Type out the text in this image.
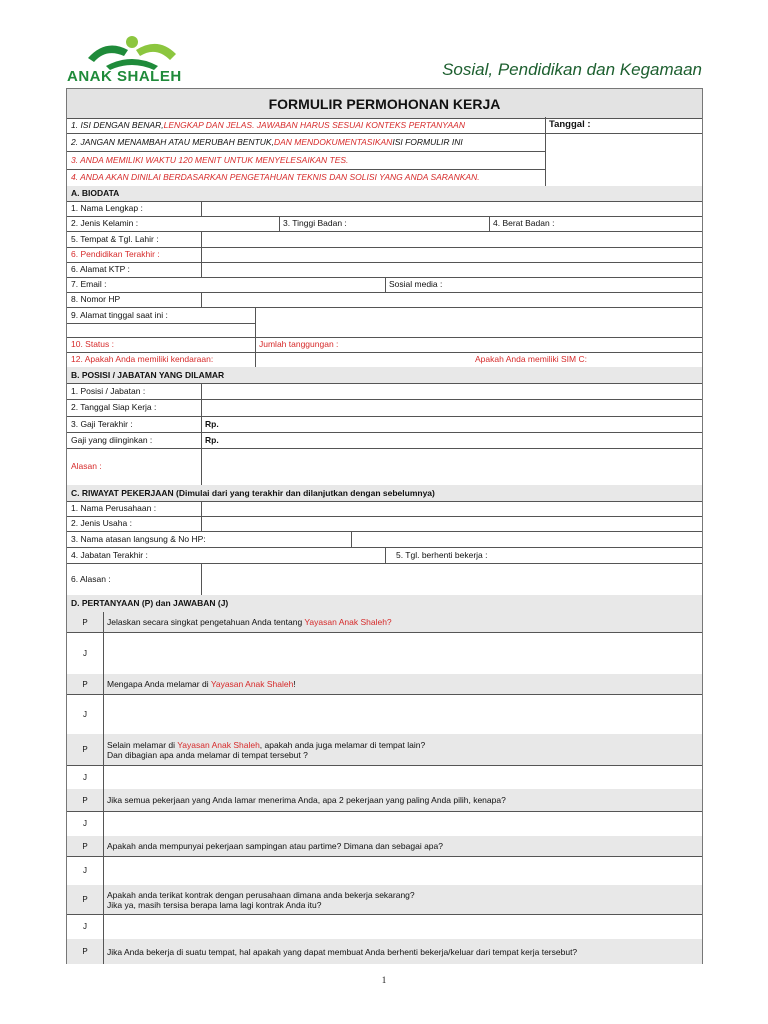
ANAK SHALEH	Sosial, Pendidikan dan Kegamaan
FORMULIR PERMOHONAN KERJA
1. ISI DENGAN BENAR, LENGKAP DAN JELAS. JAWABAN HARUS SESUAI KONTEKS PERTANYAAN
2. JANGAN MENAMBAH ATAU MERUBAH BENTUK, DAN MENDOKUMENTASIKAN ISI FORMULIR INI
3. ANDA MEMILIKI WAKTU 120 MENIT UNTUK MENYELESAIKAN TES.
4. ANDA AKAN DINILAI BERDASARKAN PENGETAHUAN TEKNIS DAN SOLISI YANG ANDA SARANKAN.
Tanggal :
A. BIODATA
1. Nama Lengkap :
2. Jenis Kelamin :	3. Tinggi Badan :	4. Berat Badan :
5. Tempat & Tgl. Lahir :
6. Pendidikan Terakhir :
6. Alamat KTP :
7. Email :	Sosial media :
8. Nomor HP
9. Alamat tinggal saat ini :
10. Status :	Jumlah tanggungan :
12. Apakah Anda memiliki kendaraan:	Apakah Anda memiliki SIM C:
B. POSISI / JABATAN YANG DILAMAR
1. Posisi / Jabatan :
2. Tanggal Siap Kerja :
3. Gaji Terakhir :	Rp.
Gaji yang diinginkan :	Rp.
Alasan :
C. RIWAYAT PEKERJAAN (Dimulai dari yang terakhir dan dilanjutkan dengan sebelumnya)
1. Nama Perusahaan :
2. Jenis Usaha :
3. Nama atasan langsung & No HP:
4. Jabatan Terakhir :	5. Tgl. berhenti bekerja :
6. Alasan :
D. PERTANYAAN (P) dan JAWABAN (J)
P	Jelaskan secara singkat pengetahuan Anda tentang Yayasan Anak Shaleh?
J
P	Mengapa Anda melamar di Yayasan Anak Shaleh!
J
P	Selain melamar di Yayasan Anak Shaleh, apakah anda juga melamar di tempat lain?
Dan dibagian apa anda melamar di tempat tersebut ?
J
P	Jika semua pekerjaan yang Anda lamar menerima Anda, apa 2 pekerjaan yang paling Anda pilih, kenapa?
J
P	Apakah anda mempunyai pekerjaan sampingan atau partime? Dimana dan sebagai apa?
J
P	Apakah anda terikat kontrak dengan perusahaan dimana anda bekerja sekarang?
Jika ya, masih tersisa berapa lama lagi kontrak Anda itu?
J
P	Jika Anda bekerja di suatu tempat, hal apakah yang dapat membuat Anda berhenti bekerja/keluar dari tempat kerja tersebut?
1
